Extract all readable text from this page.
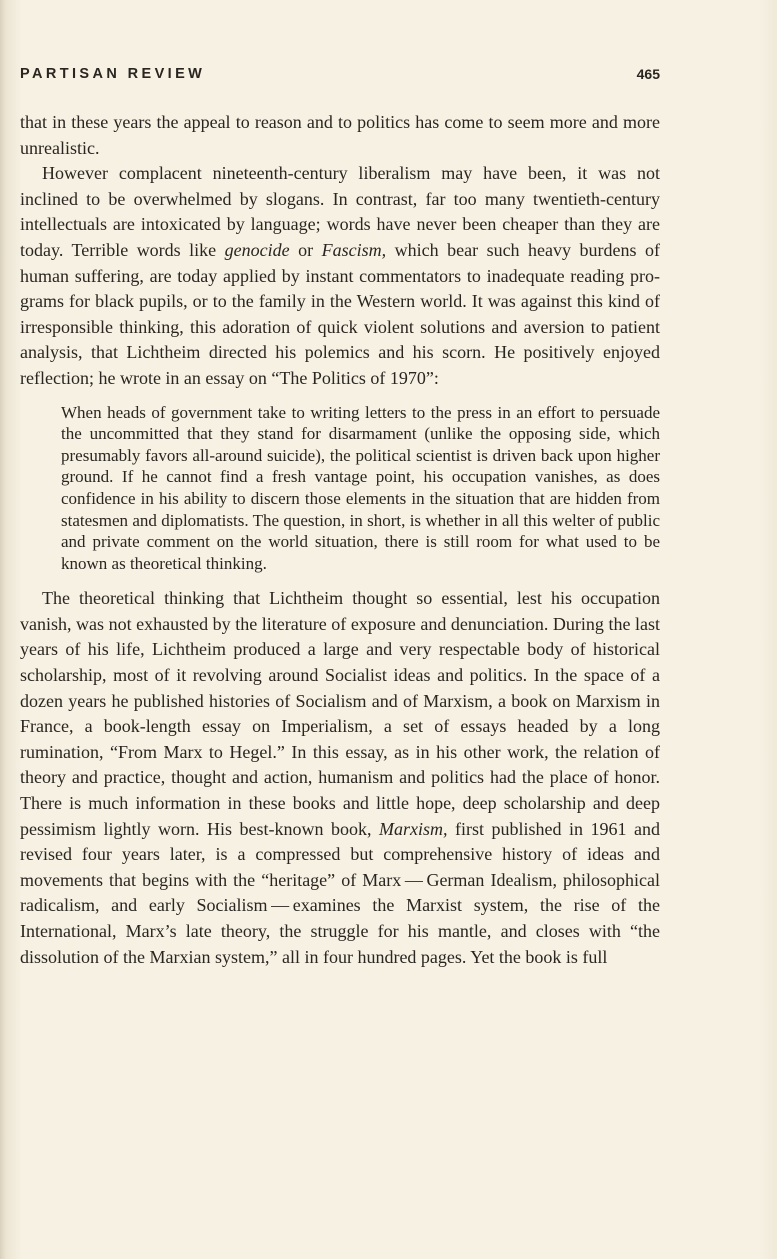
PARTISAN REVIEW	465

that in these years the appeal to reason and to politics has come to seem more and more unrealistic.

However complacent nineteenth-century liberalism may have been, it was not inclined to be overwhelmed by slogans. In contrast, far too many twentieth-century intellectuals are intoxicated by language; words have never been cheaper than they are today. Terrible words like genocide or Fascism, which bear such heavy burdens of human suffering, are today applied by instant commentators to inadequate reading programs for black pupils, or to the family in the Western world. It was against this kind of irresponsible thinking, this adoration of quick violent solutions and aversion to patient analysis, that Lichtheim directed his polemics and his scorn. He positively enjoyed reflection; he wrote in an essay on “The Politics of 1970”:

When heads of government take to writing letters to the press in an effort to persuade the uncommitted that they stand for disarmament (unlike the opposing side, which presumably favors all-around suicide), the political scientist is driven back upon higher ground. If he cannot find a fresh vantage point, his occupation vanishes, as does confidence in his ability to discern those elements in the situation that are hidden from statesmen and diplomatists. The question, in short, is whether in all this welter of public and private comment on the world situation, there is still room for what used to be known as theoretical thinking.

The theoretical thinking that Lichtheim thought so essential, lest his occupation vanish, was not exhausted by the literature of exposure and denunciation. During the last years of his life, Lichtheim produced a large and very respectable body of historical scholarship, most of it revolving around Socialist ideas and politics. In the space of a dozen years he published histories of Socialism and of Marxism, a book on Marxism in France, a book-length essay on Imperialism, a set of essays headed by a long rumination, “From Marx to Hegel.” In this essay, as in his other work, the relation of theory and practice, thought and action, humanism and politics had the place of honor. There is much information in these books and little hope, deep scholarship and deep pessimism lightly worn. His best-known book, Marxism, first published in 1961 and revised four years later, is a compressed but comprehensive history of ideas and movements that begins with the “heritage” of Marx — German Idealism, philosophical radicalism, and early Socialism — examines the Marxist system, the rise of the International, Marx’s late theory, the struggle for his mantle, and closes with “the dissolution of the Marxian system,” all in four hundred pages. Yet the book is full
